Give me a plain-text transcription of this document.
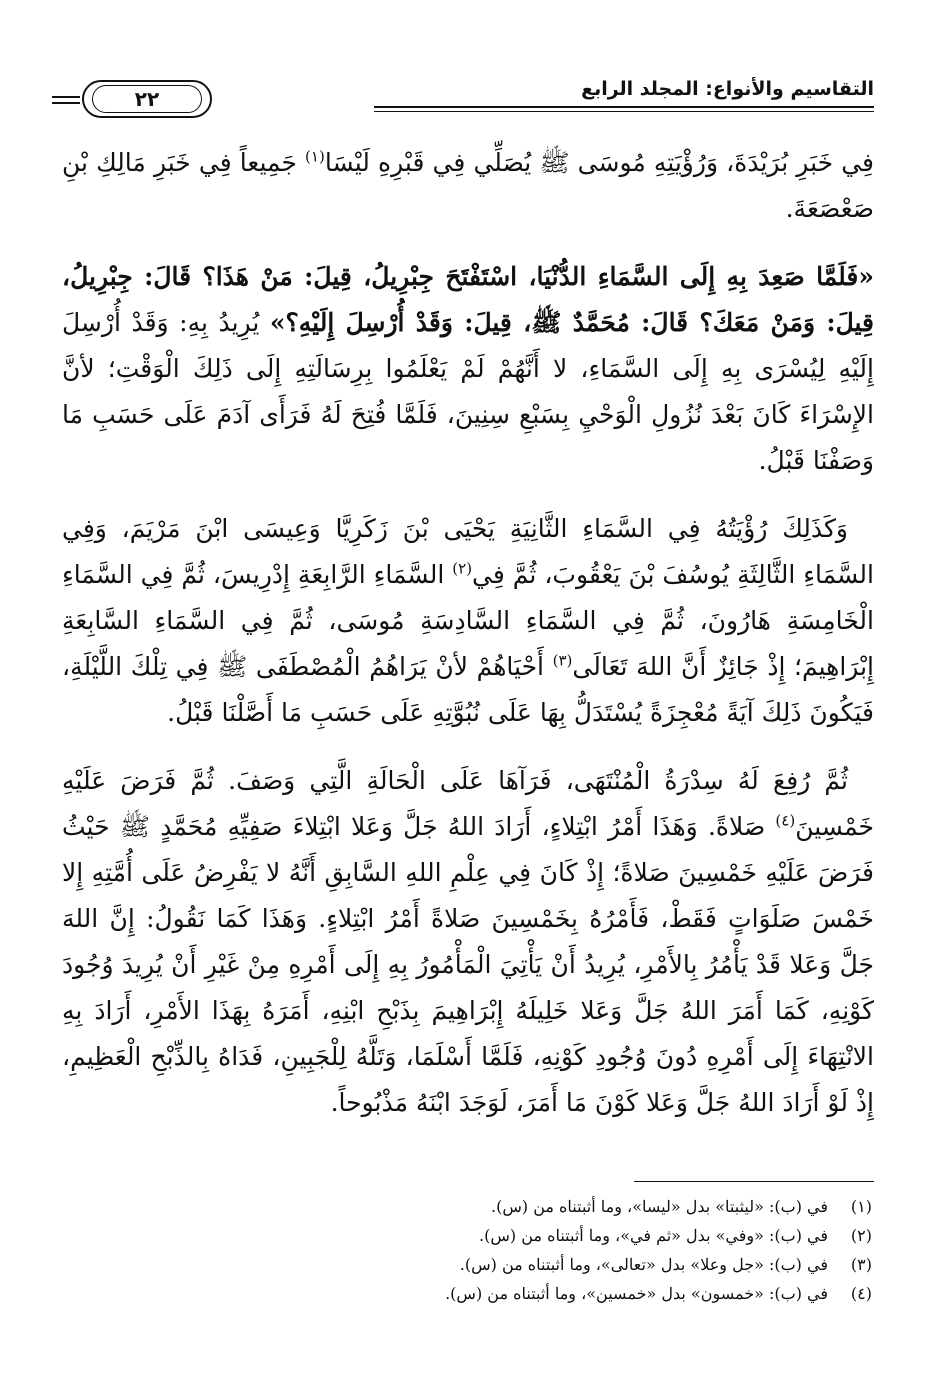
التقاسيم والأنواع: المجلد الرابع
٢٢

فِي خَبَرِ بُرَيْدَةَ، وَرُؤْيَتِهِ مُوسَى ﷺ يُصَلِّي فِي قَبْرِهِ لَيْسَا$^{(١)}$ جَمِيعاً فِي خَبَرِ مَالِكِ بْنِ صَعْصَعَةَ.

«فَلَمَّا صَعِدَ بِهِ إِلَى السَّمَاءِ الدُّنْيَا، اسْتَفْتَحَ جِبْرِيلُ، قِيلَ: مَنْ هَذَا؟ قَالَ: جِبْرِيلُ، قِيلَ: وَمَنْ مَعَكَ؟ قَالَ: مُحَمَّدٌ ﷺ، قِيلَ: وَقَدْ أُرْسِلَ إِلَيْهِ؟» يُرِيدُ بِهِ: وَقَدْ أُرْسِلَ إِلَيْهِ لِيُسْرَى بِهِ إِلَى السَّمَاءِ، لا أَنَّهُمْ لَمْ يَعْلَمُوا بِرِسَالَتِهِ إِلَى ذَلِكَ الْوَقْتِ؛ لأنَّ الإِسْرَاءَ كَانَ بَعْدَ نُزُولِ الْوَحْيِ بِسَبْعِ سِنِينَ، فَلَمَّا فُتِحَ لَهُ فَرَأَى آدَمَ عَلَى حَسَبِ مَا وَصَفْنَا قَبْلُ.

وَكَذَلِكَ رُؤْيَتُهُ فِي السَّمَاءِ الثَّانِيَةِ يَحْيَى بْنَ زَكَرِيَّا وَعِيسَى ابْنَ مَرْيَمَ، وَفِي السَّمَاءِ الثَّالِثَةِ يُوسُفَ بْنَ يَعْقُوبَ، ثُمَّ فِي$^{(٢)}$ السَّمَاءِ الرَّابِعَةِ إِدْرِيسَ، ثُمَّ فِي السَّمَاءِ الْخَامِسَةِ هَارُونَ، ثُمَّ فِي السَّمَاءِ السَّادِسَةِ مُوسَى، ثُمَّ فِي السَّمَاءِ السَّابِعَةِ إِبْرَاهِيمَ؛ إِذْ جَائِزٌ أَنَّ اللهَ تَعَالَى$^{(٣)}$ أَحْيَاهُمْ لأنْ يَرَاهُمُ الْمُصْطَفَى ﷺ فِي تِلْكَ اللَّيْلَةِ، فَيَكُونَ ذَلِكَ آيَةً مُعْجِزَةً يُسْتَدَلُّ بِهَا عَلَى نُبُوَّتِهِ عَلَى حَسَبِ مَا أَصَّلْنَا قَبْلُ.

ثُمَّ رُفِعَ لَهُ سِدْرَةُ الْمُنْتَهَى، فَرَآهَا عَلَى الْحَالَةِ الَّتِي وَصَفَ. ثُمَّ فَرَضَ عَلَيْهِ خَمْسِينَ$^{(٤)}$ صَلاةً. وَهَذَا أَمْرُ ابْتِلاءٍ، أَرَادَ اللهُ جَلَّ وَعَلا ابْتِلاءَ صَفِيِّهِ مُحَمَّدٍ ﷺ حَيْثُ فَرَضَ عَلَيْهِ خَمْسِينَ صَلاةً؛ إِذْ كَانَ فِي عِلْمِ اللهِ السَّابِقِ أَنَّهُ لا يَفْرِضُ عَلَى أُمَّتِهِ إِلا خَمْسَ صَلَوَاتٍ فَقَطْ، فَأَمْرُهُ بِخَمْسِينَ صَلاةً أَمْرُ ابْتِلاءٍ. وَهَذَا كَمَا نَقُولُ: إِنَّ اللهَ جَلَّ وَعَلا قَدْ يَأْمُرُ بِالأَمْرِ، يُرِيدُ أَنْ يَأْتِيَ الْمَأْمُورُ بِهِ إِلَى أَمْرِهِ مِنْ غَيْرِ أَنْ يُرِيدَ وُجُودَ كَوْنِهِ، كَمَا أَمَرَ اللهُ جَلَّ وَعَلا خَلِيلَهُ إِبْرَاهِيمَ بِذَبْحِ ابْنِهِ، أَمَرَهُ بِهَذَا الأَمْرِ، أَرَادَ بِهِ الانْتِهَاءَ إِلَى أَمْرِهِ دُونَ وُجُودِ كَوْنِهِ، فَلَمَّا أَسْلَمَا، وَتَلَّهُ لِلْجَبِينِ، فَدَاهُ بِالذِّبْحِ الْعَظِيمِ، إِذْ لَوْ أَرَادَ اللهُ جَلَّ وَعَلا كَوْنَ مَا أَمَرَ، لَوَجَدَ ابْنَهُ مَذْبُوحاً.

(١)في (ب): «ليثبتا» بدل «ليسا»، وما أثبتناه من (س).
(٢)في (ب): «وفي» بدل «ثم في»، وما أثبتناه من (س).
(٣)في (ب): «جل وعلا» بدل «تعالى»، وما أثبتناه من (س).
(٤)في (ب): «خمسون» بدل «خمسين»، وما أثبتناه من (س).
